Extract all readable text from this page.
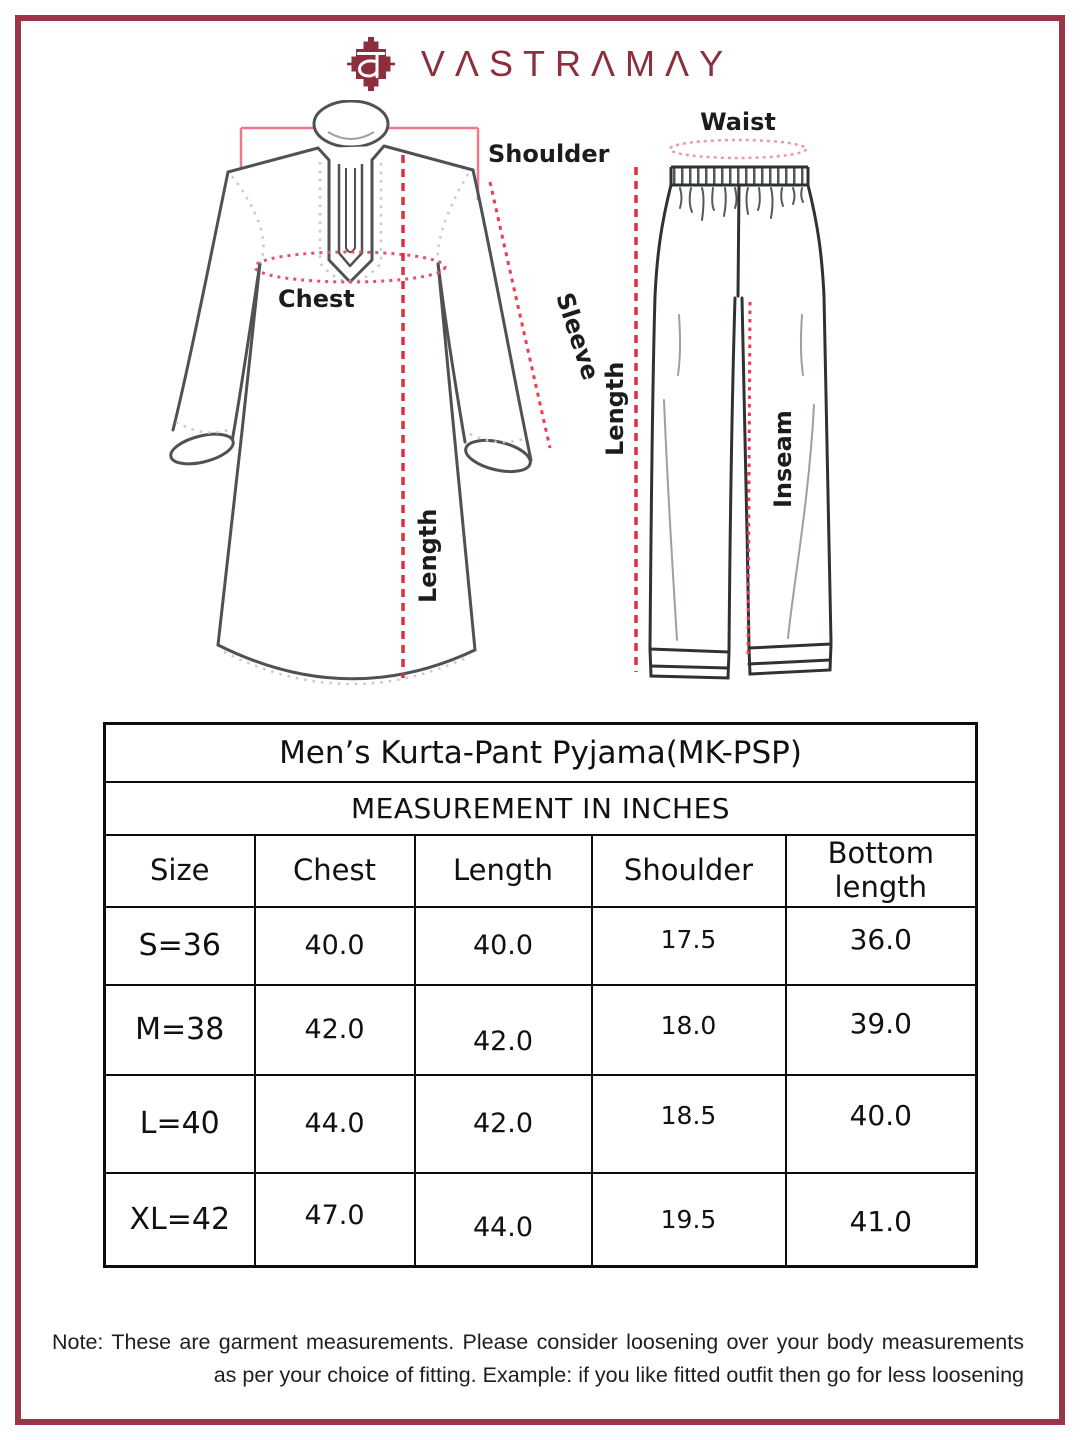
VΛSTRΛMΛY
Shoulder
Chest	Sleeve
Length
Waist
Length
Inseam
Men’s Kurta-Pant Pyjama(MK-PSP)				
MEASUREMENT IN INCHES				
Size	Chest	Length	Shoulder	Bottom length
S=36	40.0	40.0	17.5	36.0
M=38	42.0	42.0	18.0	39.0
L=40	44.0	42.0	18.5	40.0
XL=42	47.0	44.0	19.5	41.0
Note: These are garment measurements. Please consider loosening over your body measurements
as per your choice of fitting. Example: if you like fitted outfit then go for less loosening
